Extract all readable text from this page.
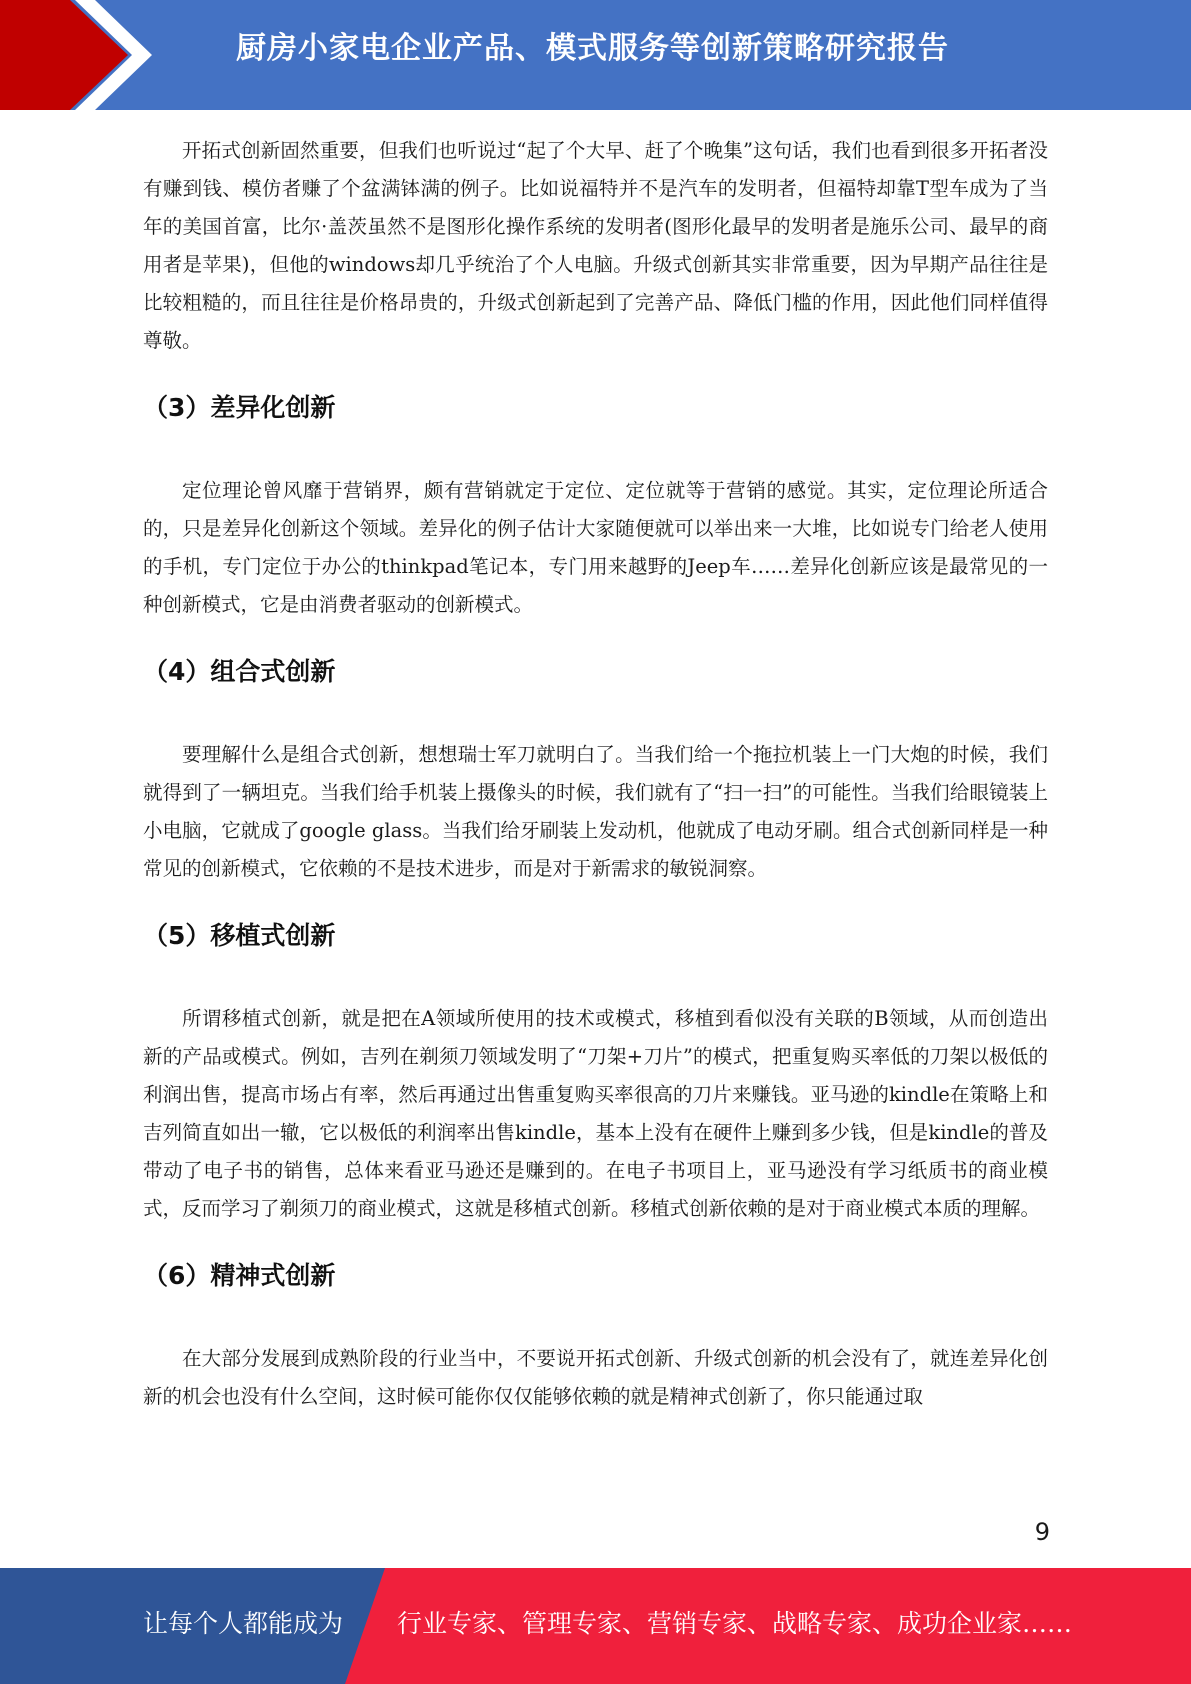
厨房小家电企业产品、模式服务等创新策略研究报告

开拓式创新固然重要，但我们也听说过“起了个大早、赶了个晚集”这句话，我们也看到很多开拓者没有赚到钱、模仿者赚了个盆满钵满的例子。比如说福特并不是汽车的发明者，但福特却靠T型车成为了当年的美国首富，比尔·盖茨虽然不是图形化操作系统的发明者(图形化最早的发明者是施乐公司、最早的商用者是苹果)，但他的windows却几乎统治了个人电脑。升级式创新其实非常重要，因为早期产品往往是比较粗糙的，而且往往是价格昂贵的，升级式创新起到了完善产品、降低门槛的作用，因此他们同样值得尊敬。

（3）差异化创新

定位理论曾风靡于营销界，颇有营销就定于定位、定位就等于营销的感觉。其实，定位理论所适合的，只是差异化创新这个领域。差异化的例子估计大家随便就可以举出来一大堆，比如说专门给老人使用的手机，专门定位于办公的thinkpad笔记本，专门用来越野的Jeep车……差异化创新应该是最常见的一种创新模式，它是由消费者驱动的创新模式。

（4）组合式创新

要理解什么是组合式创新，想想瑞士军刀就明白了。当我们给一个拖拉机装上一门大炮的时候，我们就得到了一辆坦克。当我们给手机装上摄像头的时候，我们就有了“扫一扫”的可能性。当我们给眼镜装上小电脑，它就成了google glass。当我们给牙刷装上发动机，他就成了电动牙刷。组合式创新同样是一种常见的创新模式，它依赖的不是技术进步，而是对于新需求的敏锐洞察。

（5）移植式创新

所谓移植式创新，就是把在A领域所使用的技术或模式，移植到看似没有关联的B领域，从而创造出新的产品或模式。例如，吉列在剃须刀领域发明了“刀架+刀片”的模式，把重复购买率低的刀架以极低的利润出售，提高市场占有率，然后再通过出售重复购买率很高的刀片来赚钱。亚马逊的kindle在策略上和吉列简直如出一辙，它以极低的利润率出售kindle，基本上没有在硬件上赚到多少钱，但是kindle的普及带动了电子书的销售，总体来看亚马逊还是赚到的。在电子书项目上，亚马逊没有学习纸质书的商业模式，反而学习了剃须刀的商业模式，这就是移植式创新。移植式创新依赖的是对于商业模式本质的理解。

（6）精神式创新

在大部分发展到成熟阶段的行业当中，不要说开拓式创新、升级式创新的机会没有了，就连差异化创新的机会也没有什么空间，这时候可能你仅仅能够依赖的就是精神式创新了，你只能通过取

9
让每个人都能成为 行业专家、管理专家、营销专家、战略专家、成功企业家……
